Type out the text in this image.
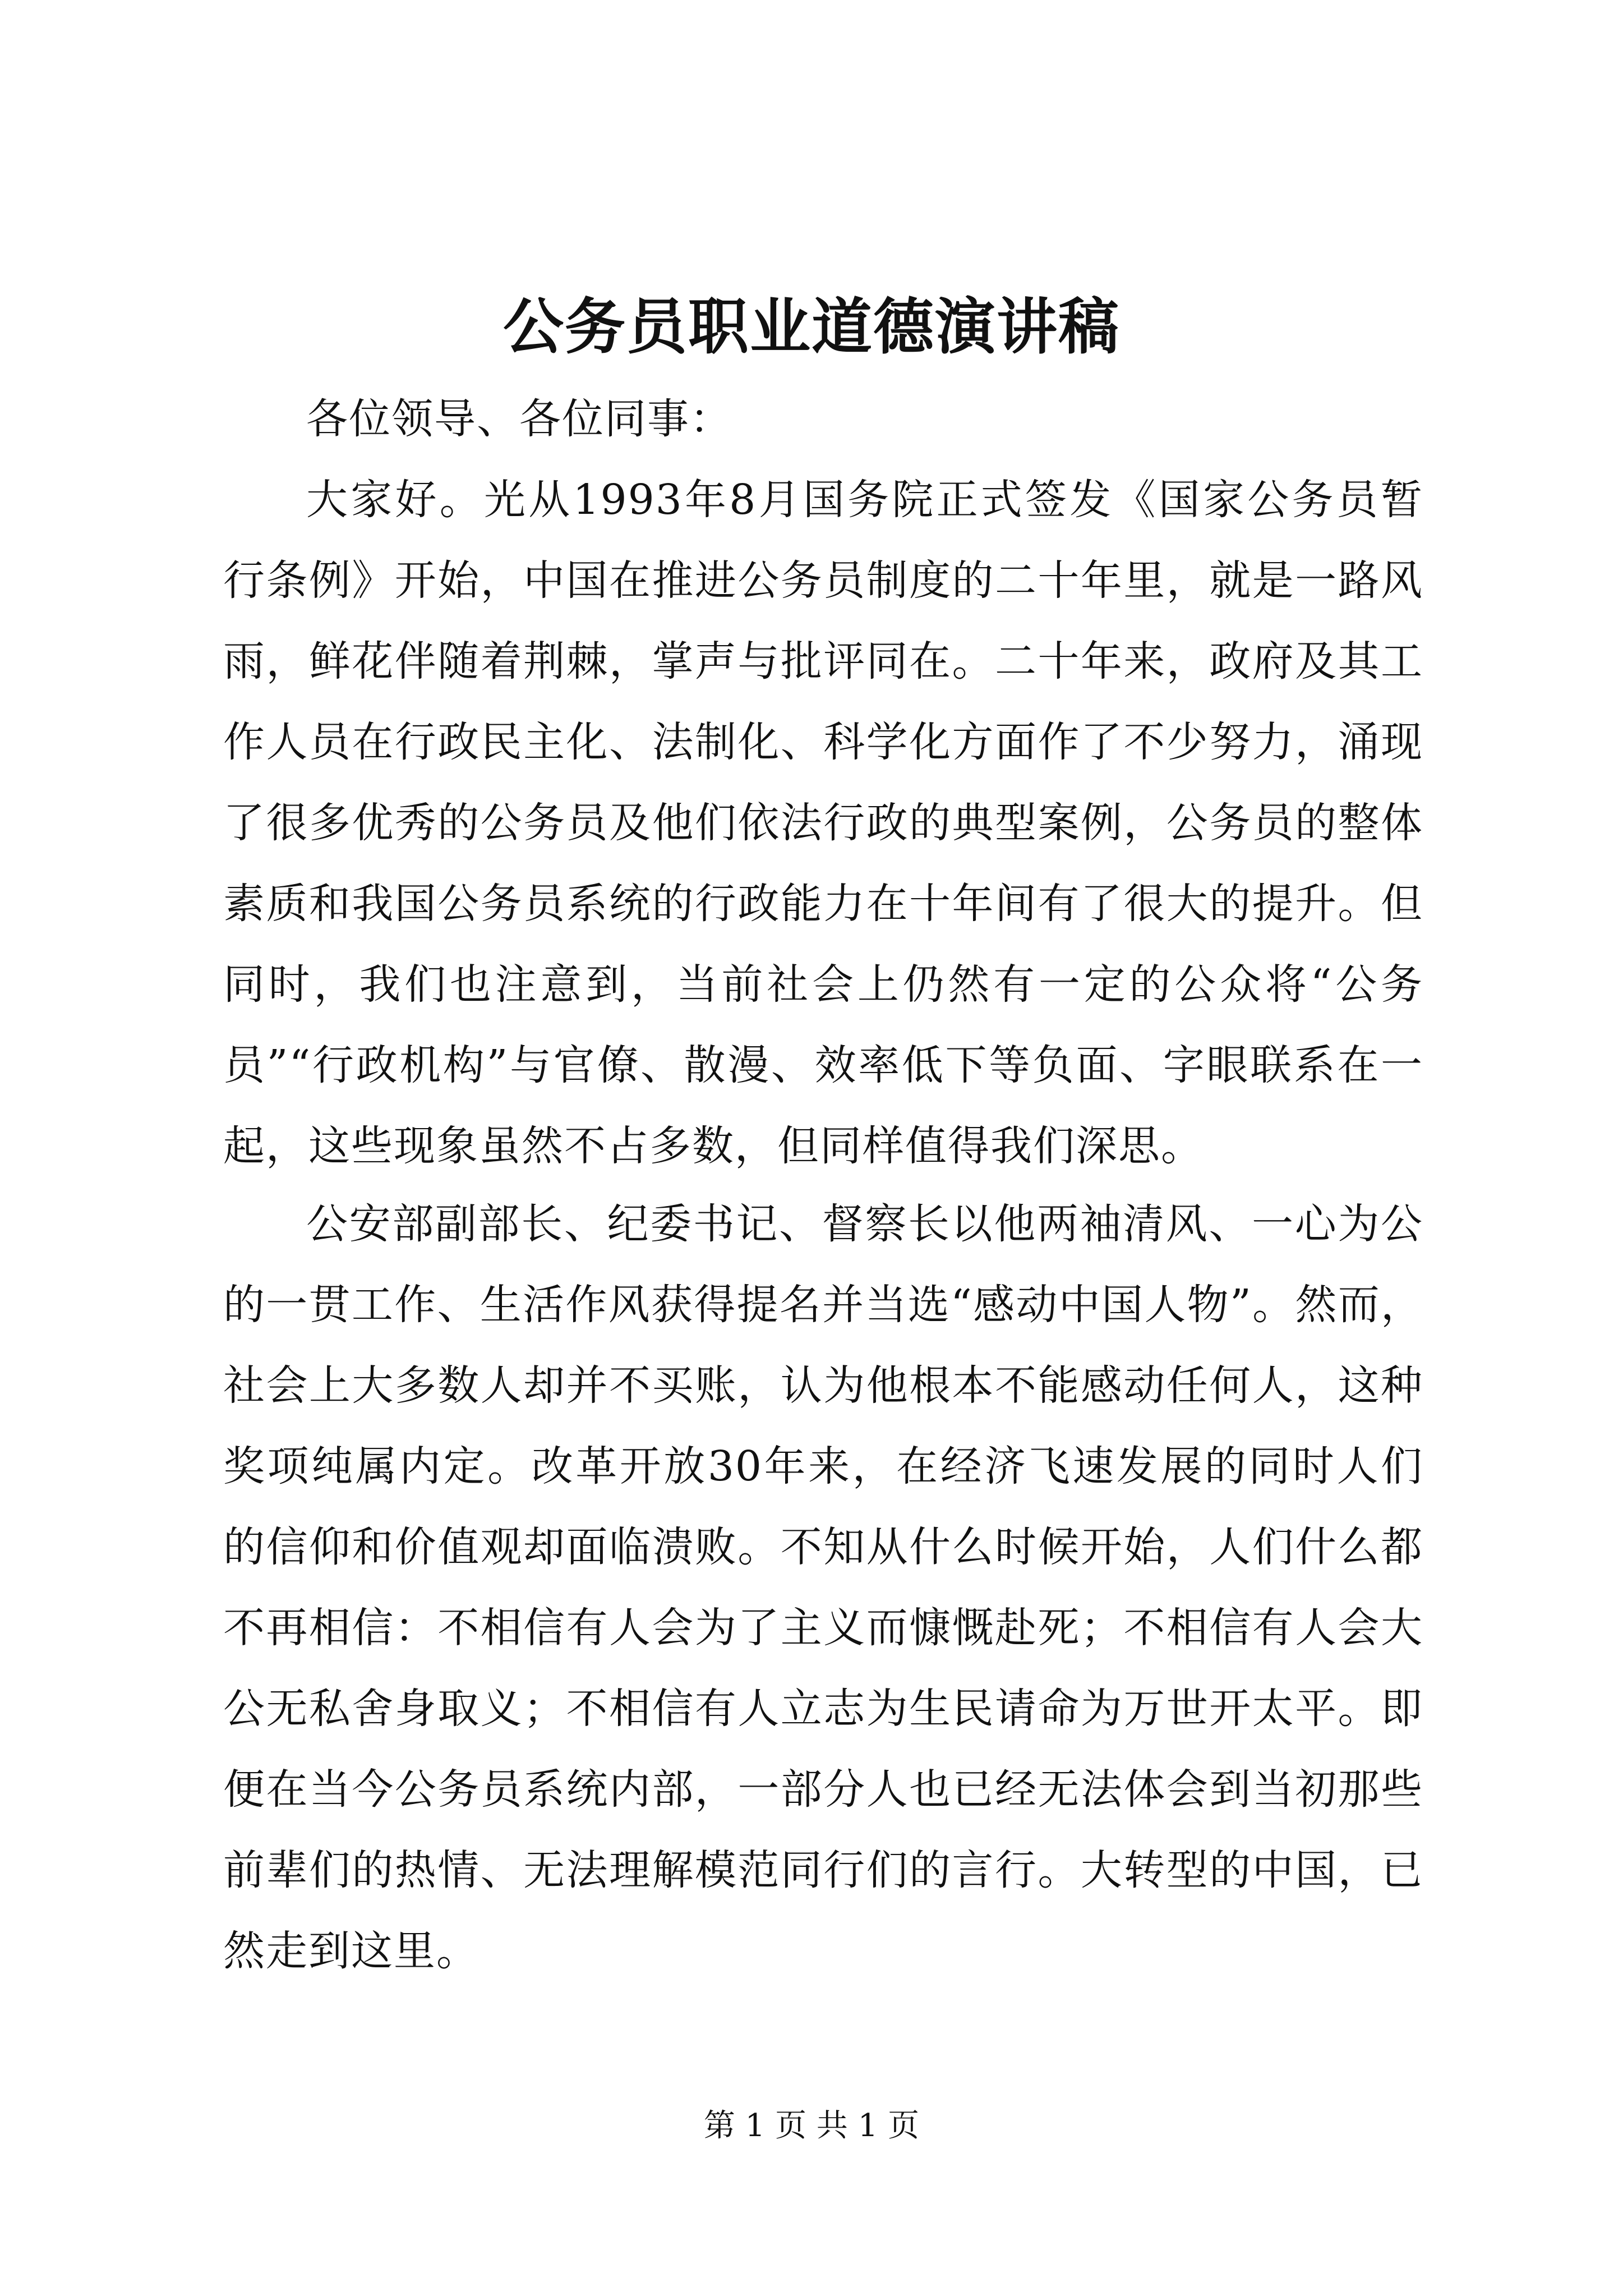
公务员职业道德演讲稿
各位领导、各位同事：
大家好。光从1993年8月国务院正式签发《国家公务员暂行条例》开始，中国在推进公务员制度的二十年里，就是一路风雨，鲜花伴随着荆棘，掌声与批评同在。二十年来，政府及其工作人员在行政民主化、法制化、科学化方面作了不少努力，涌现了很多优秀的公务员及他们依法行政的典型案例，公务员的整体素质和我国公务员系统的行政能力在十年间有了很大的提升。但同时，我们也注意到，当前社会上仍然有一定的公众将“公务员”“行政机构”与官僚、散漫、效率低下等负面、字眼联系在一起，这些现象虽然不占多数，但同样值得我们深思。
公安部副部长、纪委书记、督察长以他两袖清风、一心为公的一贯工作、生活作风获得提名并当选“感动中国人物”。然而，社会上大多数人却并不买账，认为他根本不能感动任何人，这种奖项纯属内定。改革开放30年来，在经济飞速发展的同时人们的信仰和价值观却面临溃败。不知从什么时候开始，人们什么都不再相信：不相信有人会为了主义而慷慨赴死；不相信有人会大公无私舍身取义；不相信有人立志为生民请命为万世开太平。即便在当今公务员系统内部，一部分人也已经无法体会到当初那些前辈们的热情、无法理解模范同行们的言行。大转型的中国，已然走到这里。
第 1 页 共 1 页
